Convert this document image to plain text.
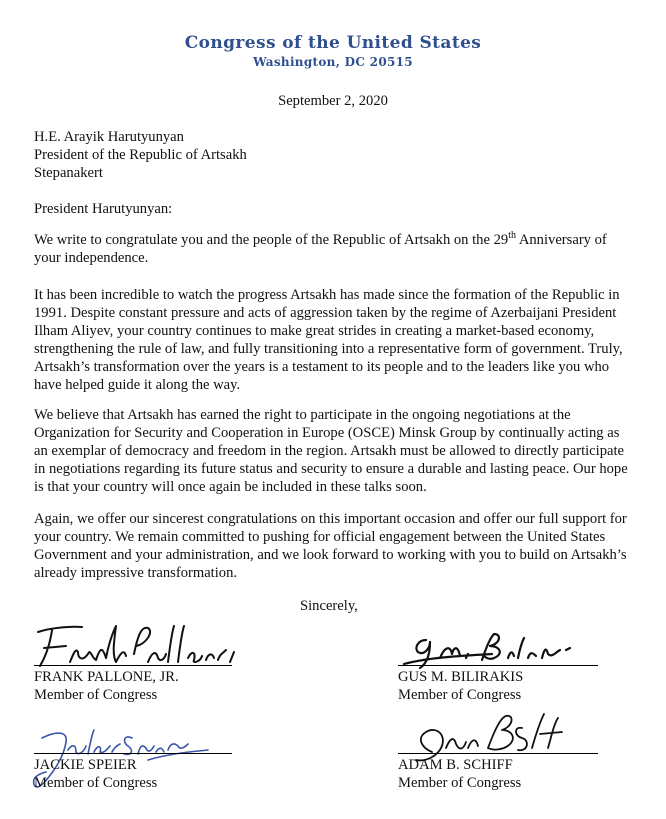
Congress of the United States
Washington, DC 20515
September 2, 2020
H.E. Arayik Harutyunyan
President of the Republic of Artsakh
Stepanakert
President Harutyunyan:
We write to congratulate you and the people of the Republic of Artsakh on the 29th Anniversary of your independence.
It has been incredible to watch the progress Artsakh has made since the formation of the Republic in 1991. Despite constant pressure and acts of aggression taken by the regime of Azerbaijani President Ilham Aliyev, your country continues to make great strides in creating a market-based economy, strengthening the rule of law, and fully transitioning into a representative form of government. Truly, Artsakh’s transformation over the years is a testament to its people and to the leaders like you who have helped guide it along the way.
We believe that Artsakh has earned the right to participate in the ongoing negotiations at the Organization for Security and Cooperation in Europe (OSCE) Minsk Group by continually acting as an exemplar of democracy and freedom in the region. Artsakh must be allowed to directly participate in negotiations regarding its future status and security to ensure a durable and lasting peace. Our hope is that your country will once again be included in these talks soon.
Again, we offer our sincerest congratulations on this important occasion and offer our full support for your country. We remain committed to pushing for official engagement between the United States Government and your administration, and we look forward to working with you to build on Artsakh’s already impressive transformation.
Sincerely,
FRANK PALLONE, JR.
Member of Congress
GUS M. BILIRAKIS
Member of Congress
JACKIE SPEIER
Member of Congress
ADAM B. SCHIFF
Member of Congress
